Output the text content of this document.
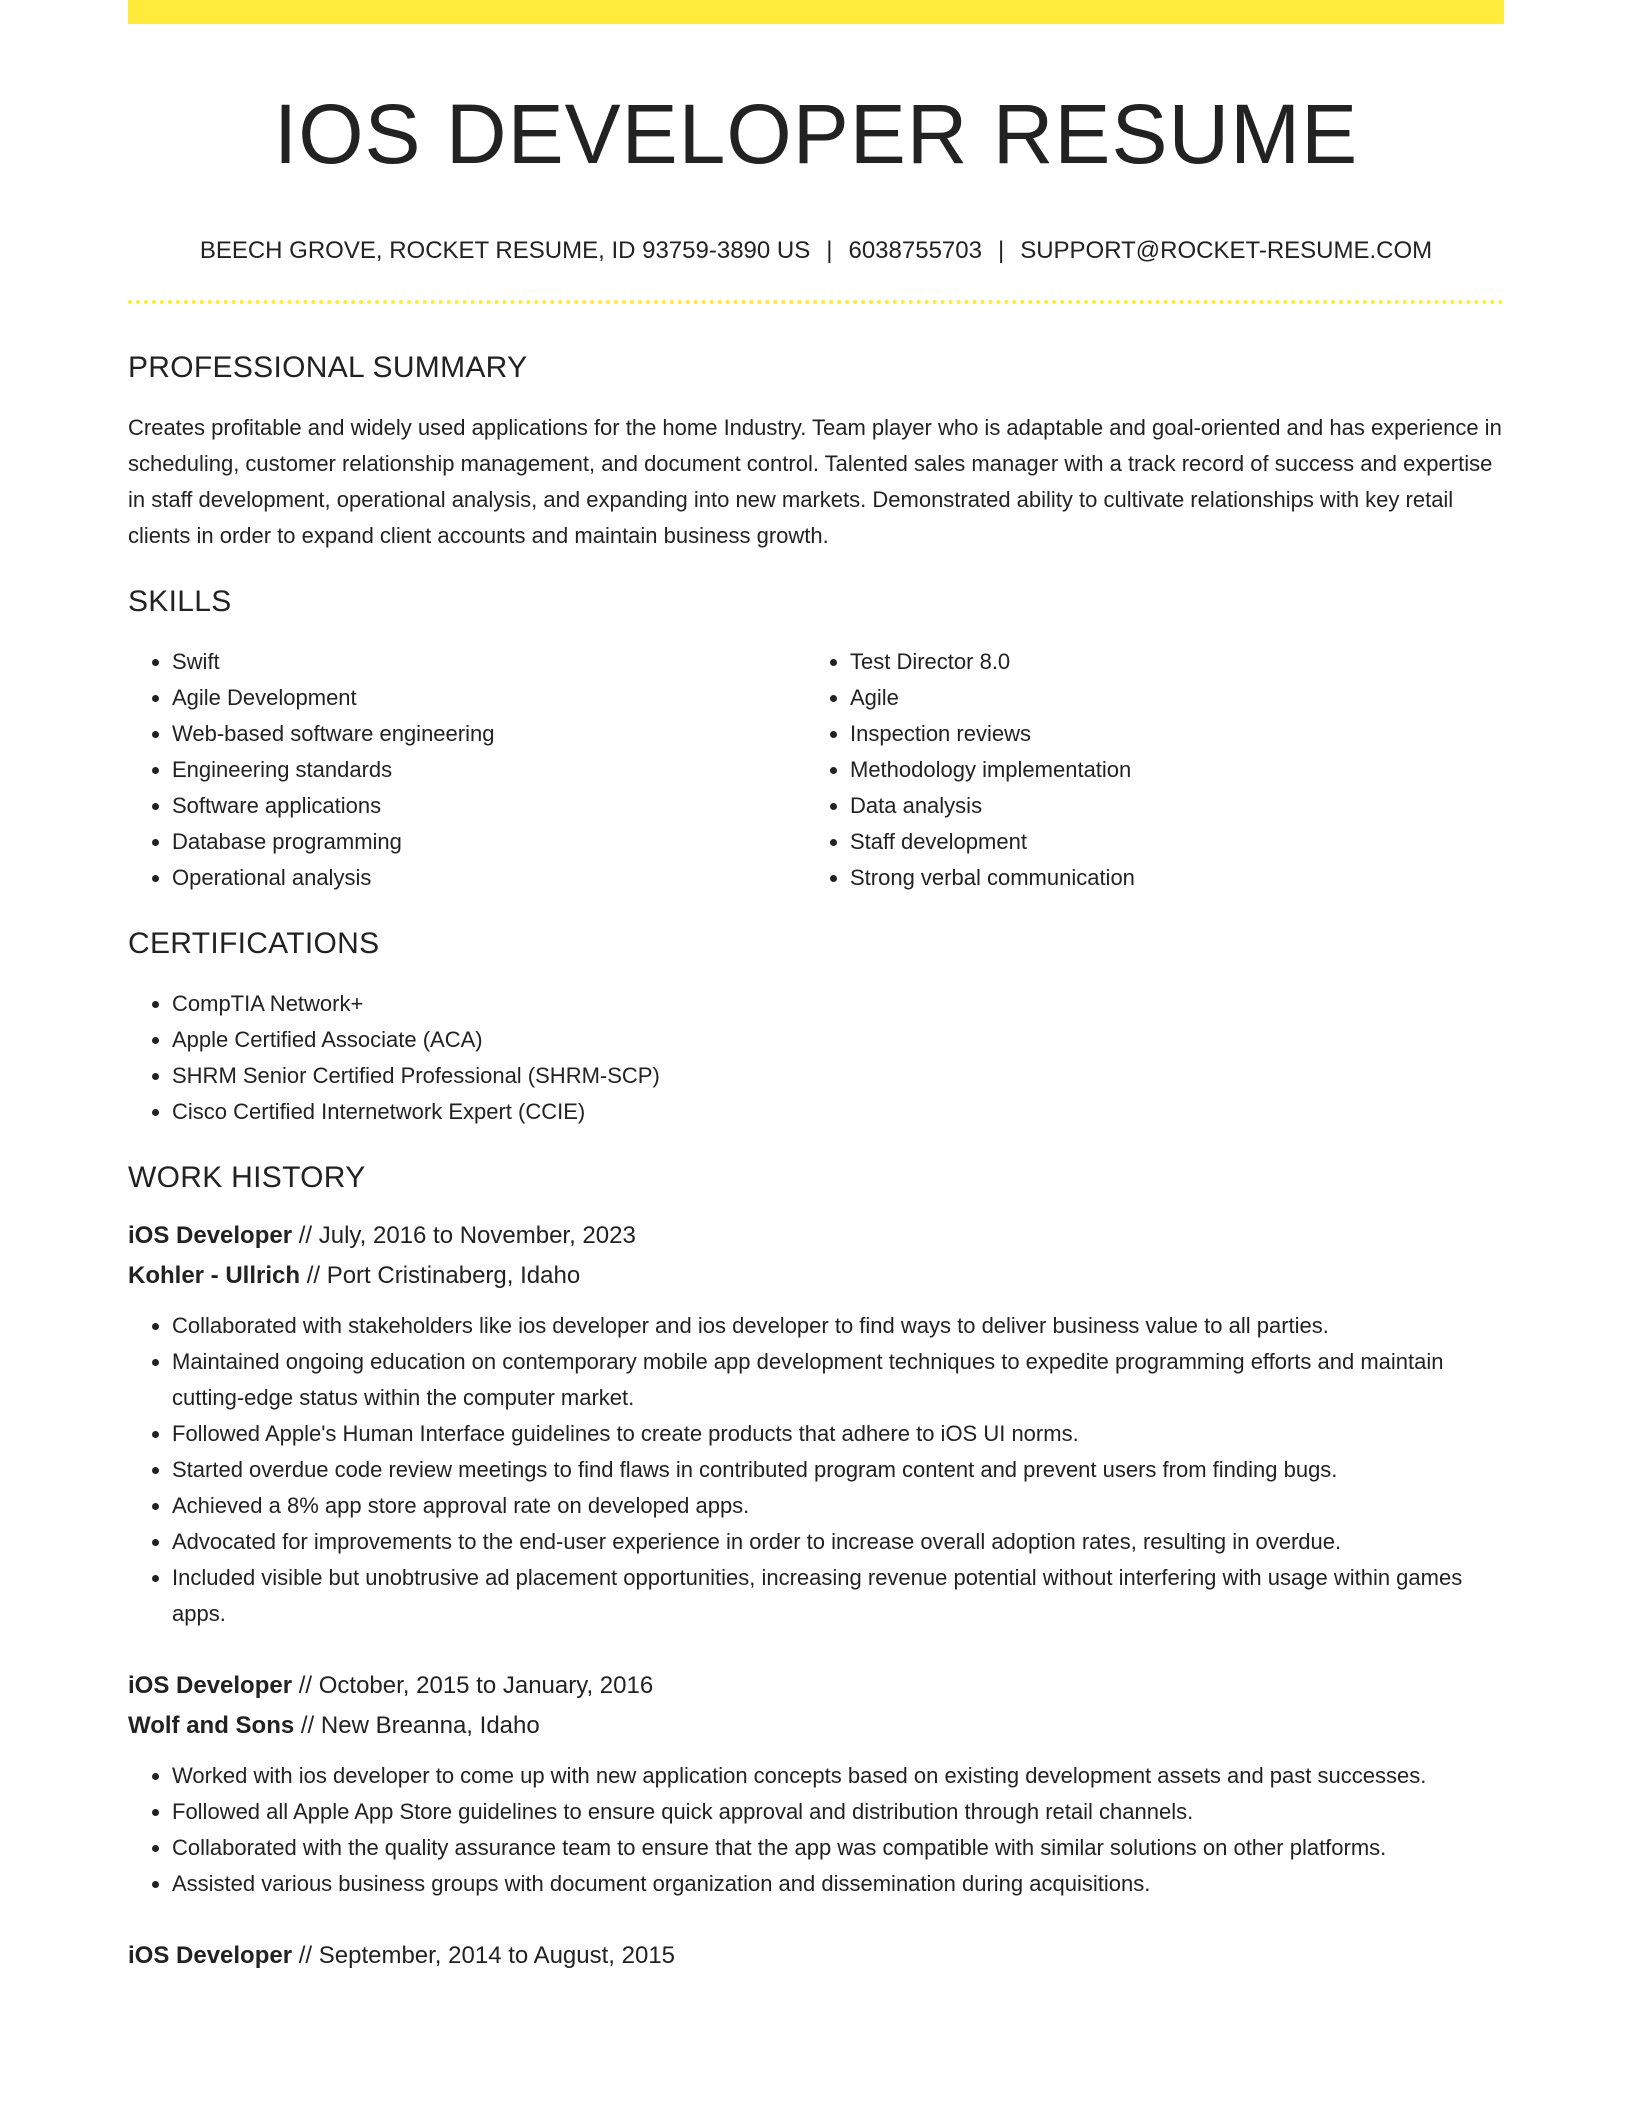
IOS DEVELOPER RESUME
BEECH GROVE, ROCKET RESUME, ID 93759-3890 US | 6038755703 | SUPPORT@ROCKET-RESUME.COM
PROFESSIONAL SUMMARY

Creates profitable and widely used applications for the home Industry. Team player who is adaptable and goal-oriented and has experience in scheduling, customer relationship management, and document control. Talented sales manager with a track record of success and expertise in staff development, operational analysis, and expanding into new markets. Demonstrated ability to cultivate relationships with key retail clients in order to expand client accounts and maintain business growth.

SKILLS
• Swift
• Agile Development
• Web-based software engineering
• Engineering standards
• Software applications
• Database programming
• Operational analysis
• Test Director 8.0
• Agile
• Inspection reviews
• Methodology implementation
• Data analysis
• Staff development
• Strong verbal communication
CERTIFICATIONS
• CompTIA Network+
• Apple Certified Associate (ACA)
• SHRM Senior Certified Professional (SHRM-SCP)
• Cisco Certified Internetwork Expert (CCIE)
WORK HISTORY
iOS Developer // July, 2016 to November, 2023
Kohler - Ullrich // Port Cristinaberg, Idaho
• Collaborated with stakeholders like ios developer and ios developer to find ways to deliver business value to all parties.
• Maintained ongoing education on contemporary mobile app development techniques to expedite programming efforts and maintain cutting-edge status within the computer market.
• Followed Apple's Human Interface guidelines to create products that adhere to iOS UI norms.
• Started overdue code review meetings to find flaws in contributed program content and prevent users from finding bugs.
• Achieved a 8% app store approval rate on developed apps.
• Advocated for improvements to the end-user experience in order to increase overall adoption rates, resulting in overdue.
• Included visible but unobtrusive ad placement opportunities, increasing revenue potential without interfering with usage within games apps.
iOS Developer // October, 2015 to January, 2016
Wolf and Sons // New Breanna, Idaho
• Worked with ios developer to come up with new application concepts based on existing development assets and past successes.
• Followed all Apple App Store guidelines to ensure quick approval and distribution through retail channels.
• Collaborated with the quality assurance team to ensure that the app was compatible with similar solutions on other platforms.
• Assisted various business groups with document organization and dissemination during acquisitions.
iOS Developer // September, 2014 to August, 2015
